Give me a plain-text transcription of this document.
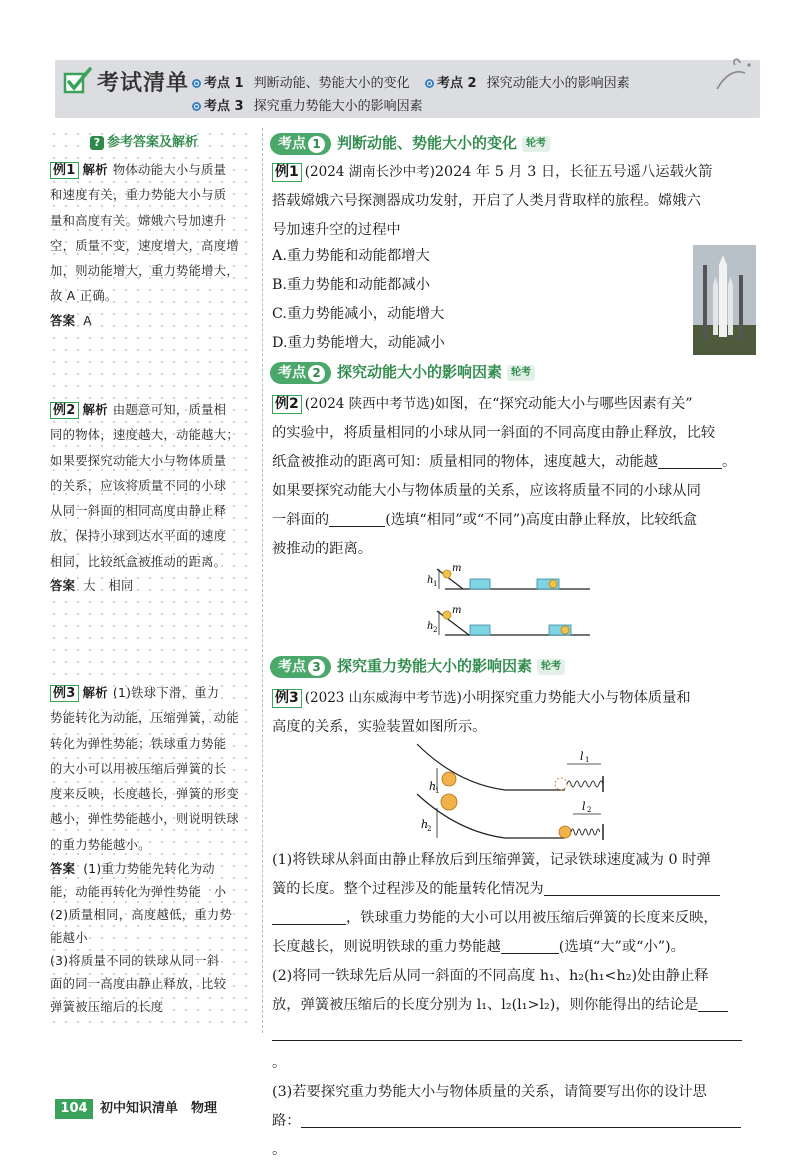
考试清单	考点 1 判断动能、势能大小的变化	考点 2 探究动能大小的影响因素
考点 3 探究重力势能大小的影响因素
? 参考答案及解析
例1 解析 物体动能大小与质量
和速度有关，重力势能大小与质
量和高度有关。嫦娥六号加速升
空，质量不变，速度增大，高度增
加，则动能增大，重力势能增大，
故 A 正确。
答案 A
例2 解析 由题意可知，质量相
同的物体，速度越大，动能越大；
如果要探究动能大小与物体质量
的关系，应该将质量不同的小球
从同一斜面的相同高度由静止释
放，保持小球到达水平面的速度
相同，比较纸盒被推动的距离。
答案 大　相同
例3 解析 (1)铁球下滑，重力
势能转化为动能，压缩弹簧，动能
转化为弹性势能；铁球重力势能
的大小可以用被压缩后弹簧的长
度来反映，长度越长，弹簧的形变
越小，弹性势能越小，则说明铁球
的重力势能越小。
答案 (1)重力势能先转化为动
能，动能再转化为弹性势能　小
(2)质量相同，高度越低，重力势
能越小
(3)将质量不同的铁球从同一斜
面的同一高度由静止释放，比较
弹簧被压缩后的长度
考点 1 判断动能、势能大小的变化 轮考
例1 (2024 湖南长沙中考)2024 年 5 月 3 日，长征五号遥八运载火箭
搭载嫦娥六号探测器成功发射，开启了人类月背取样的旅程。嫦娥六
号加速升空的过程中
A.重力势能和动能都增大
B.重力势能和动能都减小
C.重力势能减小，动能增大
D.重力势能增大，动能减小
考点 2 探究动能大小的影响因素 轮考
例2 (2024 陕西中考节选)如图，在“探究动能大小与哪些因素有关”
的实验中，将质量相同的小球从同一斜面的不同高度由静止释放，比较
纸盒被推动的距离可知：质量相同的物体，速度越大，动能越	。
如果要探究动能大小与物体质量的关系，应该将质量不同的小球从同
一斜面的	(选填“相同”或“不同”)高度由静止释放，比较纸盒
被推动的距离。
h 1
m
h 2
m
考点 3 探究重力势能大小的影响因素 轮考
例3 (2023 山东威海中考节选)小明探究重力势能大小与物体质量和
高度的关系，实验装置如图所示。
h
1
l 1
h
2
l 2
(1)将铁球从斜面由静止释放后到压缩弹簧，记录铁球速度减为 0 时弹
簧的长度。整个过程涉及的能量转化情况为
，铁球重力势能的大小可以用被压缩后弹簧的长度来反映，
长度越长，则说明铁球的重力势能越	(选填“大”或“小”)。
(2)将同一铁球先后从同一斜面的不同高度 h₁、h₂(h₁<h₂)处由静止释
放，弹簧被压缩后的长度分别为 l₁、l₂(l₁>l₂)，则你能得出的结论是
。
(3)若要探究重力势能大小与物体质量的关系，请简要写出你的设计思
路：。
104 初中知识清单　物理
